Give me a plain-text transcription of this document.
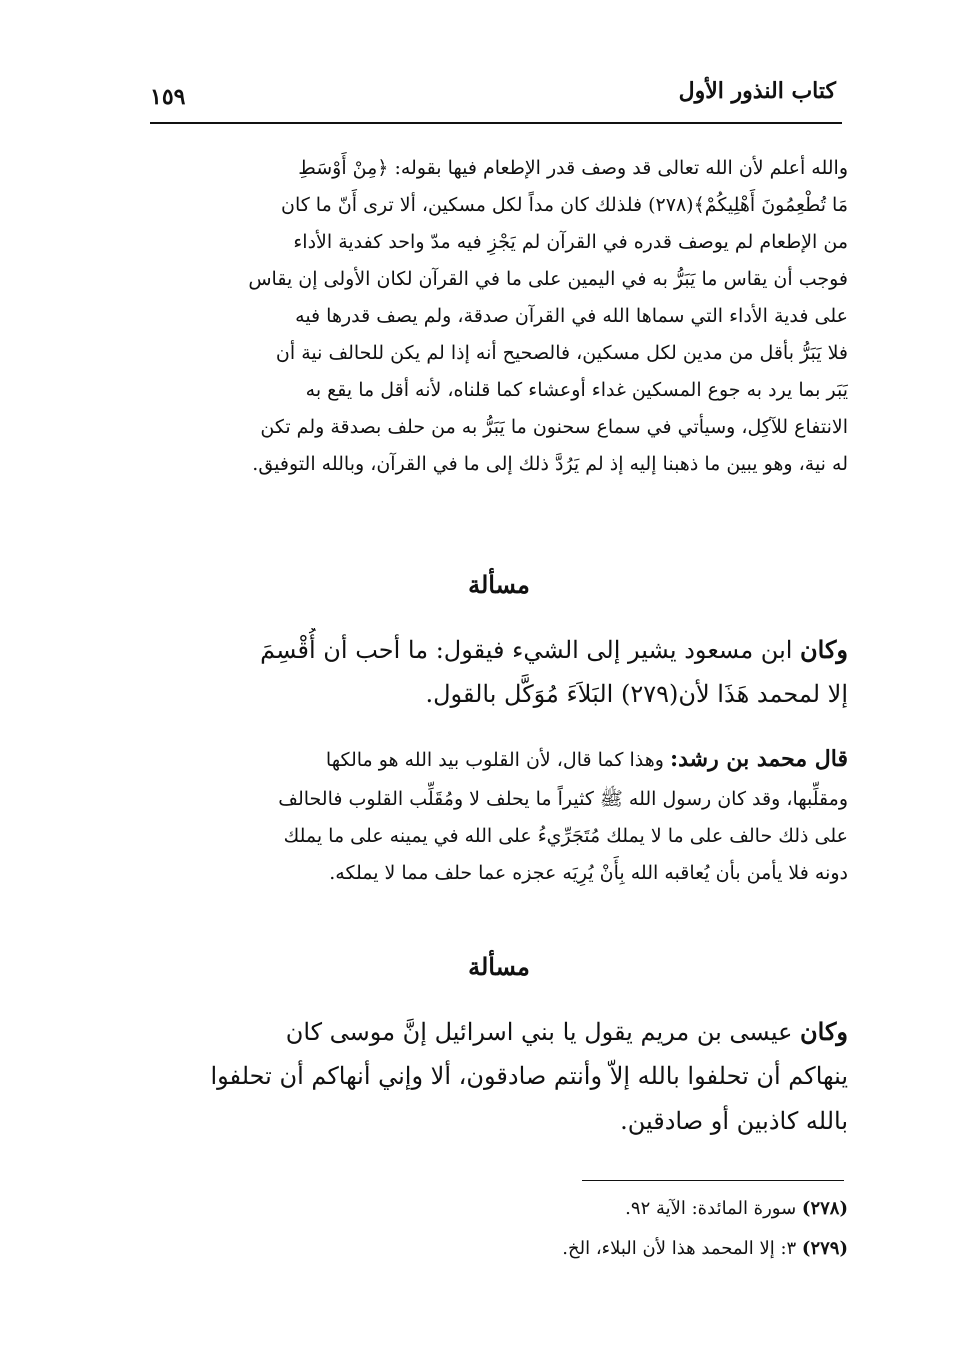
كتاب النذور الأول
١٥٩
والله أعلم لأن الله تعالى قد وصف قدر الإطعام فيها بقوله: ﴿مِنْ أَوْسَطِ
مَا تُطْعِمُونَ أَهْلِيكُمْ﴾(٢٧٨) فلذلك كان مداً لكل مسكين، ألا ترى أَنّ ما كان
من الإطعام لم يوصف قدره في القرآن لم يَجْزِ فيه مدّ واحد كفدية الأداء
فوجب أن يقاس ما يَبَرُّ به في اليمين على ما في القرآن لكان الأولى إن يقاس
على فدية الأداء التي سماها الله في القرآن صدقة، ولم يصف قدرها فيه
فلا يَبَرُّ بأقل من مدين لكل مسكين، فالصحيح أنه إذا لم يكن للحالف نية أن
يَبَر بما يرد به جوع المسكين غداء أوعشاء كما قلناه، لأنه أقل ما يقع به
الانتفاع للآكِل، وسيأتي في سماع سحنون ما يَبَرُّ به من حلف بصدقة ولم تكن
له نية، وهو يبين ما ذهبنا إليه إذ لم يَرُدَّ ذلك إلى ما في القرآن، وبالله التوفيق.
مسألة
وكان ابن مسعود يشير إلى الشيء فيقول: ما أحب أن أُقْسِمَ
إلا لمحمد هَذَا لأن(٢٧٩) البَلاَءَ مُوَكَّل بالقول.
قال محمد بن رشد: وهذا كما قال، لأن القلوب بيد الله هو مالكها
ومقلِّبها، وقد كان رسول الله ﷺ كثيراً ما يحلف لا ومُقَلِّب القلوب فالحالف
على ذلك حالف على ما لا يملك مُتَجَرِّيءُ على الله في يمينه على ما يملك
دونه فلا يأمن بأن يُعاقبه الله بِأَنْ يُرِيَه عجزه عما حلف مما لا يملكه.
مسألة
وكان عيسى بن مريم يقول يا بني اسرائيل إنَّ موسى كان
ينهاكم أن تحلفوا بالله إلاّ وأنتم صادقون، ألا وإني أنهاكم أن تحلفوا
بالله كاذبين أو صادقين.
(٢٧٨) سورة المائدة: الآية ٩٢.
(٢٧٩) ٣: إلا المحمد هذا لأن البلاء، الخ.
